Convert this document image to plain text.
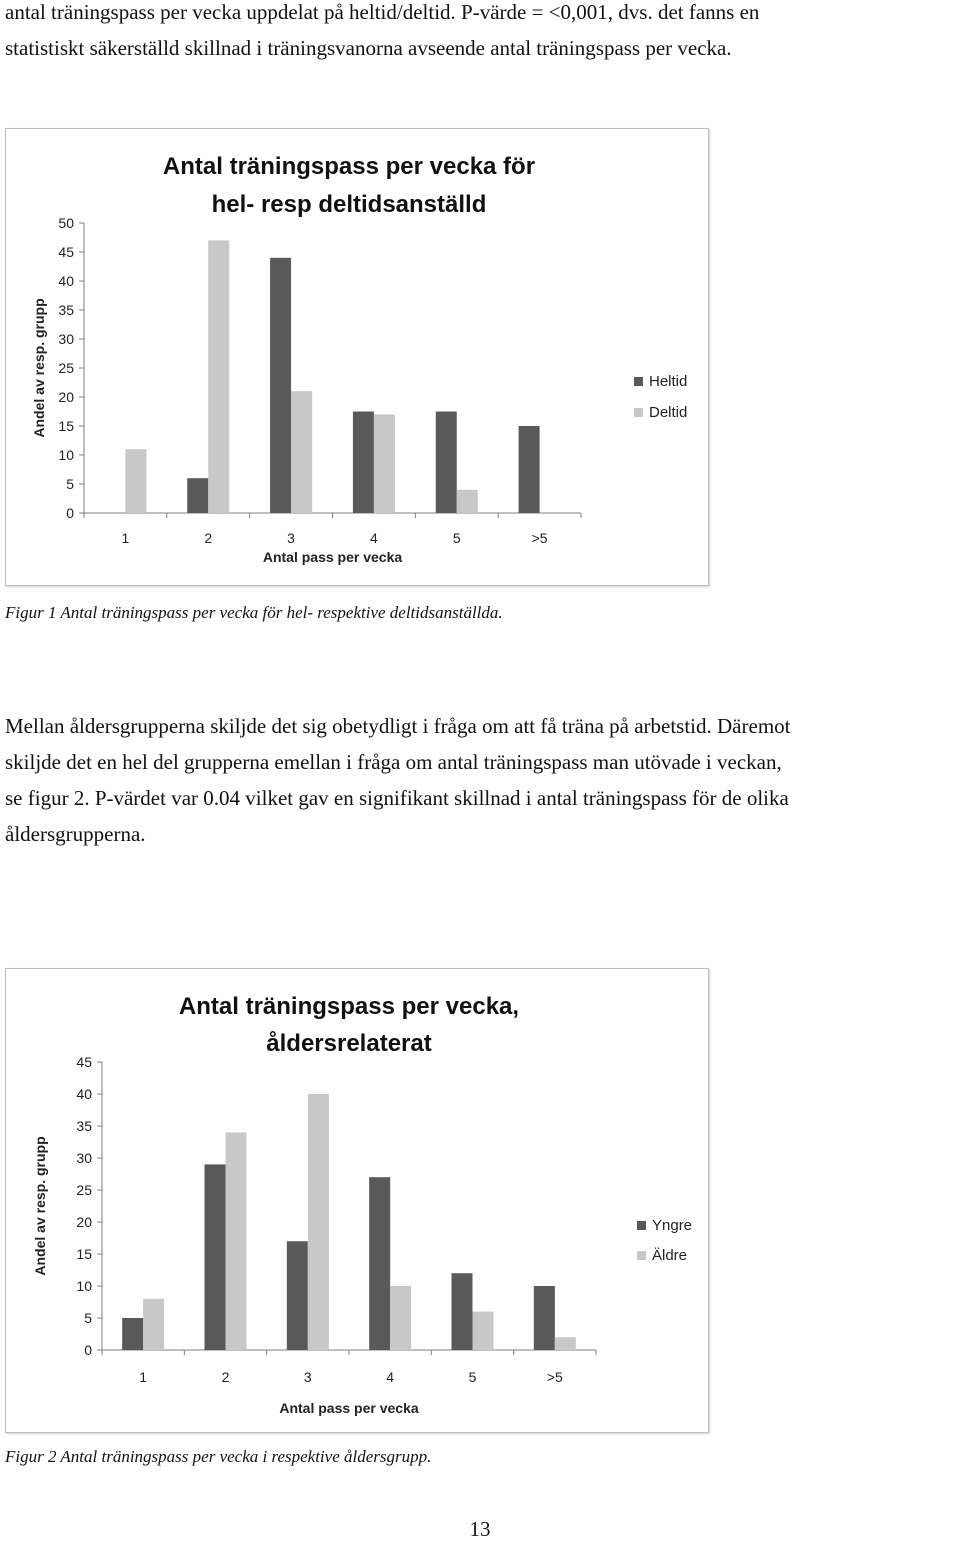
antal träningspass per vecka uppdelat på heltid/deltid. P-värde = <0,001, dvs. det fanns en
statistiskt säkerställd skillnad i träningsvanorna avseende antal träningspass per vecka.

Antal träningspass per vecka för
hel- resp deltidsanställd
0
5
10
15
20
25
30
35
40
45
50
1	2	3	4	5	>5
Antal pass per vecka
Andel av resp. grupp	Heltid
Deltid

Figur 1 Antal träningspass per vecka för hel- respektive deltidsanställda.

Mellan åldersgrupperna skiljde det sig obetydligt i fråga om att få träna på arbetstid. Däremot
skiljde det en hel del grupperna emellan i fråga om antal träningspass man utövade i veckan,
se figur 2. P-värdet var 0.04 vilket gav en signifikant skillnad i antal träningspass för de olika
åldersgrupperna.

Antal träningspass per vecka,
åldersrelaterat
0
5
10
15
20
25
30
35
40
45
1	2	3	4	5	>5
Antal pass per vecka
Andel av resp. grupp	Yngre
Äldre

Figur 2 Antal träningspass per vecka i respektive åldersgrupp.

13
